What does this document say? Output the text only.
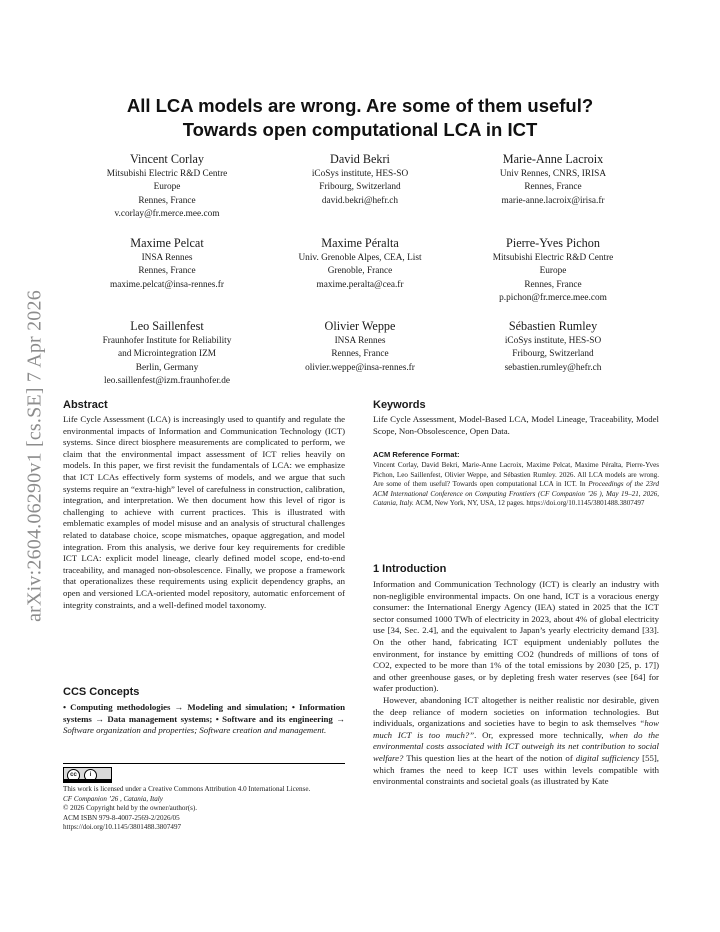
arXiv:2604.06290v1 [cs.SE] 7 Apr 2026
All LCA models are wrong. Are some of them useful?
Towards open computational LCA in ICT
Vincent Corlay
Mitsubishi Electric R&D Centre
Europe
Rennes, France
v.corlay@fr.merce.mee.com
David Bekri
iCoSys institute, HES-SO
Fribourg, Switzerland
david.bekri@hefr.ch
Marie-Anne Lacroix
Univ Rennes, CNRS, IRISA
Rennes, France
marie-anne.lacroix@irisa.fr
Maxime Pelcat
INSA Rennes
Rennes, France
maxime.pelcat@insa-rennes.fr
Maxime Péralta
Univ. Grenoble Alpes, CEA, List
Grenoble, France
maxime.peralta@cea.fr
Pierre-Yves Pichon
Mitsubishi Electric R&D Centre
Europe
Rennes, France
p.pichon@fr.merce.mee.com
Leo Saillenfest
Fraunhofer Institute for Reliability
and Microintegration IZM
Berlin, Germany
leo.saillenfest@izm.fraunhofer.de
Olivier Weppe
INSA Rennes
Rennes, France
olivier.weppe@insa-rennes.fr
Sébastien Rumley
iCoSys institute, HES-SO
Fribourg, Switzerland
sebastien.rumley@hefr.ch
Abstract

Life Cycle Assessment (LCA) is increasingly used to quantify and regulate the environmental impacts of Information and Communication Technology (ICT) systems. Since direct biosphere measurements are complicated to perform, we claim that the environmental impact assessment of ICT relies heavily on models. In this paper, we first revisit the fundamentals of LCA: we emphasize that ICT LCAs effectively form systems of models, and we argue that such systems require an “extra-high” level of carefulness in construction, calibration, integration, and interpretation. We then document how this level of rigor is challenging to achieve with current practices. This is illustrated with emblematic examples of model misuse and an analysis of structural challenges related to database choice, scope mismatches, opaque aggregation, and model integration. From this analysis, we derive four key requirements for credible ICT LCA: explicit model lineage, clearly defined model scope, end-to-end traceability, and managed non-obsolescence. Finally, we propose a framework that operationalizes these requirements using explicit dependency graphs, an open and versioned LCA-oriented model repository, automatic enforcement of integrity constraints, and a well-defined model taxonomy.

CCS Concepts

• Computing methodologies → Modeling and simulation; • Information systems → Data management systems; • Software and its engineering → Software organization and properties; Software creation and management.

cc	i
This work is licensed under a Creative Commons Attribution 4.0 International License.
CF Companion ’26 , Catania, Italy
© 2026 Copyright held by the owner/author(s).
ACM ISBN 979-8-4007-2569-2/2026/05
https://doi.org/10.1145/3801488.3807497
Keywords

Life Cycle Assessment, Model-Based LCA, Model Lineage, Traceability, Model Scope, Non-Obsolescence, Open Data.

ACM Reference Format:

Vincent Corlay, David Bekri, Marie-Anne Lacroix, Maxime Pelcat, Maxime Péralta, Pierre-Yves Pichon, Leo Saillenfest, Olivier Weppe, and Sébastien Rumley. 2026. All LCA models are wrong. Are some of them useful? Towards open computational LCA in ICT. In Proceedings of the 23rd ACM International Conference on Computing Frontiers (CF Companion ’26 ), May 19–21, 2026, Catania, Italy. ACM, New York, NY, USA, 12 pages. https://doi.org/10.1145/3801488.3807497

1 Introduction

Information and Communication Technology (ICT) is clearly an industry with non-negligible environmental impacts. On one hand, ICT is a voracious energy consumer: the International Energy Agency (IEA) stated in 2025 that the ICT sector consumed 1000 TWh of electricity in 2023, about 4% of global electricity use [34, Sec. 2.4], and the equivalent to Japan’s yearly electricity demand [33]. On the other hand, fabricating ICT equipment undeniably pollutes the environment, for instance by emitting CO2 (hundreds of millions of tons of CO2, expected to be more than 1% of the total emissions by 2030 [25, p. 17]) and other greenhouse gases, or by depleting fresh water reserves (see [64] for wafer production).

However, abandoning ICT altogether is neither realistic nor desirable, given the deep reliance of modern societies on information technologies. But individuals, organizations and societies have to begin to ask themselves “how much ICT is too much?”. Or, expressed more technically, when do the environmental costs associated with ICT outweigh its net contribution to social welfare? This question lies at the heart of the notion of digital sufficiency [55], which frames the need to keep ICT uses within levels compatible with environmental constraints and societal goals (as illustrated by Kate
